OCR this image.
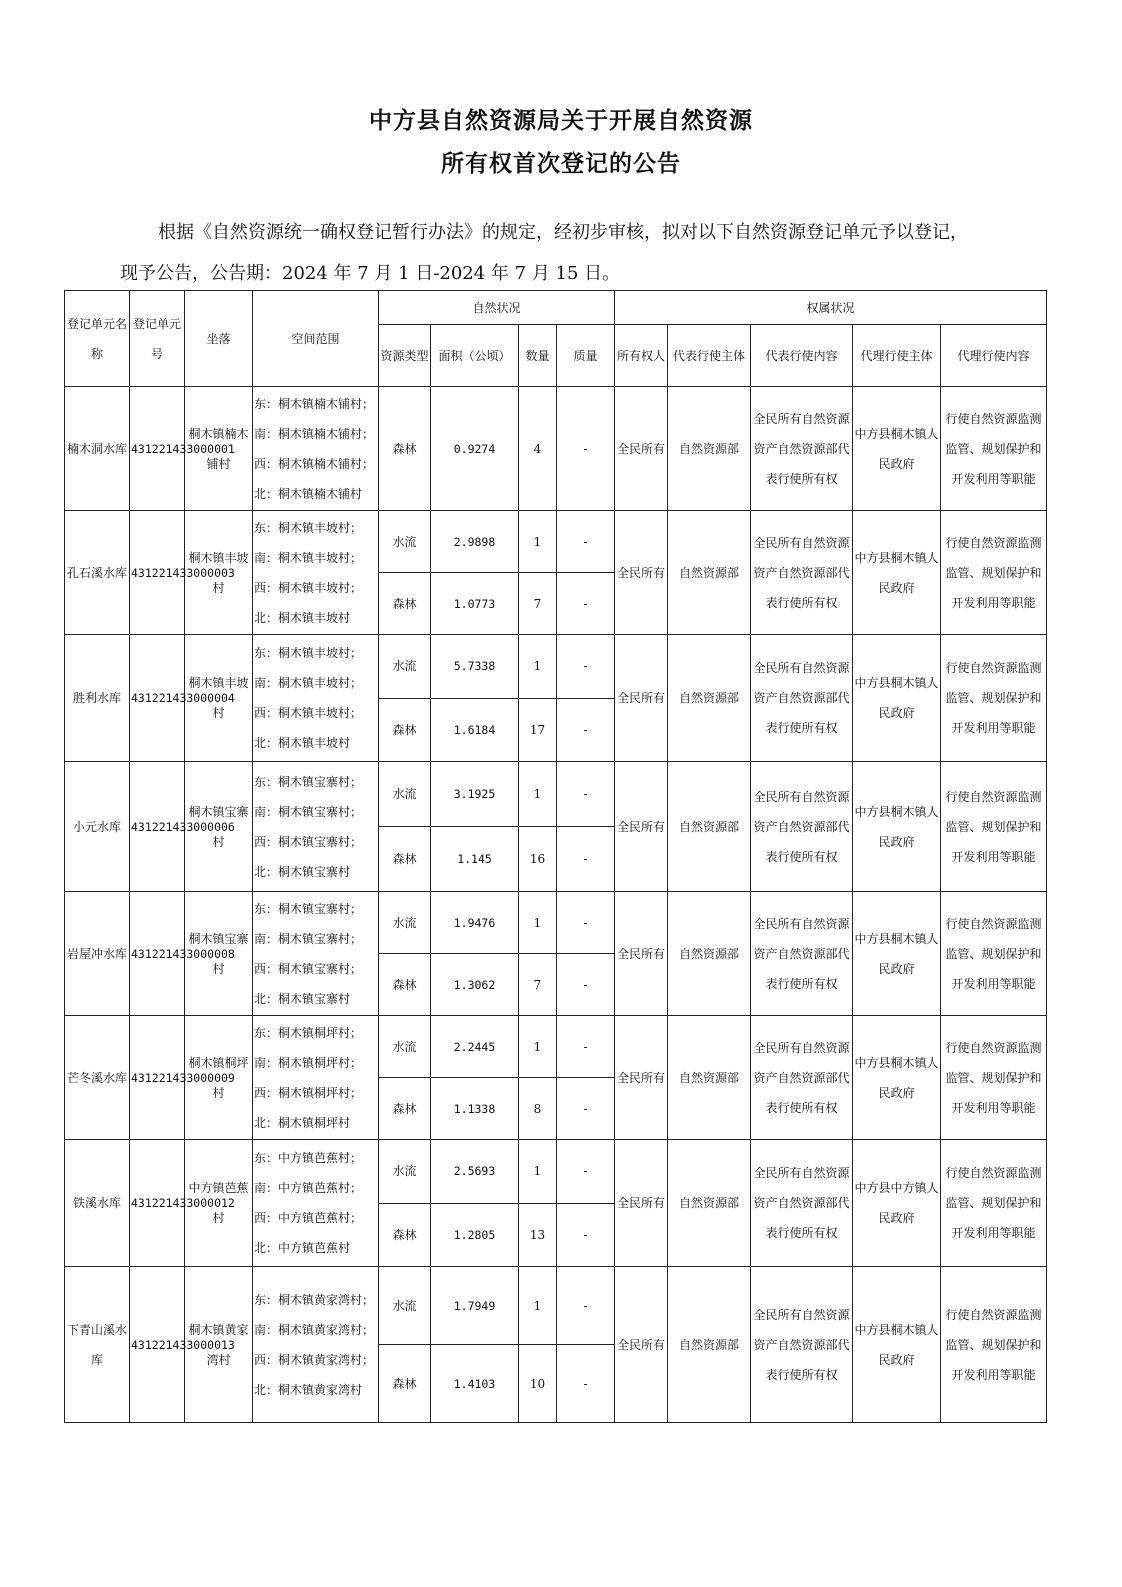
中方县自然资源局关于开展自然资源
所有权首次登记的公告
根据《自然资源统一确权登记暂行办法》的规定，经初步审核，拟对以下自然资源登记单元予以登记，
现予公告，公告期：2024 年 7 月 1 日-2024 年 7 月 15 日。
登记单元名称	登记单元号	坐落	空间范围	自然状况				权属状况				
				资源类型	面积（公顷）	数量	质量	所有权人	代表行使主体	代表行使内容	代理行使主体	代理行使内容
楠木洞水库	431221433000001	桐木镇楠木铺村	东：桐木镇楠木铺村；南：桐木镇楠木铺村；西：桐木镇楠木铺村；北：桐木镇楠木铺村	森林	0.9274	4	-	全民所有	自然资源部	全民所有自然资源资产自然资源部代表行使所有权	中方县桐木镇人民政府	行使自然资源监测监管、规划保护和开发利用等职能
孔石溪水库	431221433000003	桐木镇丰坡村	东：桐木镇丰坡村；南：桐木镇丰坡村；西：桐木镇丰坡村；北：桐木镇丰坡村	水流	2.9898	1	-	全民所有	自然资源部	全民所有自然资源资产自然资源部代表行使所有权	中方县桐木镇人民政府	行使自然资源监测监管、规划保护和开发利用等职能
				森林	1.0773	7	-					
胜利水库	431221433000004	桐木镇丰坡村	东：桐木镇丰坡村；南：桐木镇丰坡村；西：桐木镇丰坡村；北：桐木镇丰坡村	水流	5.7338	1	-	全民所有	自然资源部	全民所有自然资源资产自然资源部代表行使所有权	中方县桐木镇人民政府	行使自然资源监测监管、规划保护和开发利用等职能
				森林	1.6184	17	-					
小元水库	431221433000006	桐木镇宝寨村	东：桐木镇宝寨村；南：桐木镇宝寨村；西：桐木镇宝寨村；北：桐木镇宝寨村	水流	3.1925	1	-	全民所有	自然资源部	全民所有自然资源资产自然资源部代表行使所有权	中方县桐木镇人民政府	行使自然资源监测监管、规划保护和开发利用等职能
				森林	1.145	16	-					
岩屋冲水库	431221433000008	桐木镇宝寨村	东：桐木镇宝寨村；南：桐木镇宝寨村；西：桐木镇宝寨村；北：桐木镇宝寨村	水流	1.9476	1	-	全民所有	自然资源部	全民所有自然资源资产自然资源部代表行使所有权	中方县桐木镇人民政府	行使自然资源监测监管、规划保护和开发利用等职能
				森林	1.3062	7	-					
芒冬溪水库	431221433000009	桐木镇桐坪村	东：桐木镇桐坪村；南：桐木镇桐坪村；西：桐木镇桐坪村；北：桐木镇桐坪村	水流	2.2445	1	-	全民所有	自然资源部	全民所有自然资源资产自然资源部代表行使所有权	中方县桐木镇人民政府	行使自然资源监测监管、规划保护和开发利用等职能
				森林	1.1338	8	-					
铁溪水库	431221433000012	中方镇芭蕉村	东：中方镇芭蕉村；南：中方镇芭蕉村；西：中方镇芭蕉村；北：中方镇芭蕉村	水流	2.5693	1	-	全民所有	自然资源部	全民所有自然资源资产自然资源部代表行使所有权	中方县中方镇人民政府	行使自然资源监测监管、规划保护和开发利用等职能
				森林	1.2805	13	-					
下青山溪水库	431221433000013	桐木镇黄家湾村	东：桐木镇黄家湾村；南：桐木镇黄家湾村；西：桐木镇黄家湾村；北：桐木镇黄家湾村	水流	1.7949	1	-	全民所有	自然资源部	全民所有自然资源资产自然资源部代表行使所有权	中方县桐木镇人民政府	行使自然资源监测监管、规划保护和开发利用等职能
				森林	1.4103	10	-					
